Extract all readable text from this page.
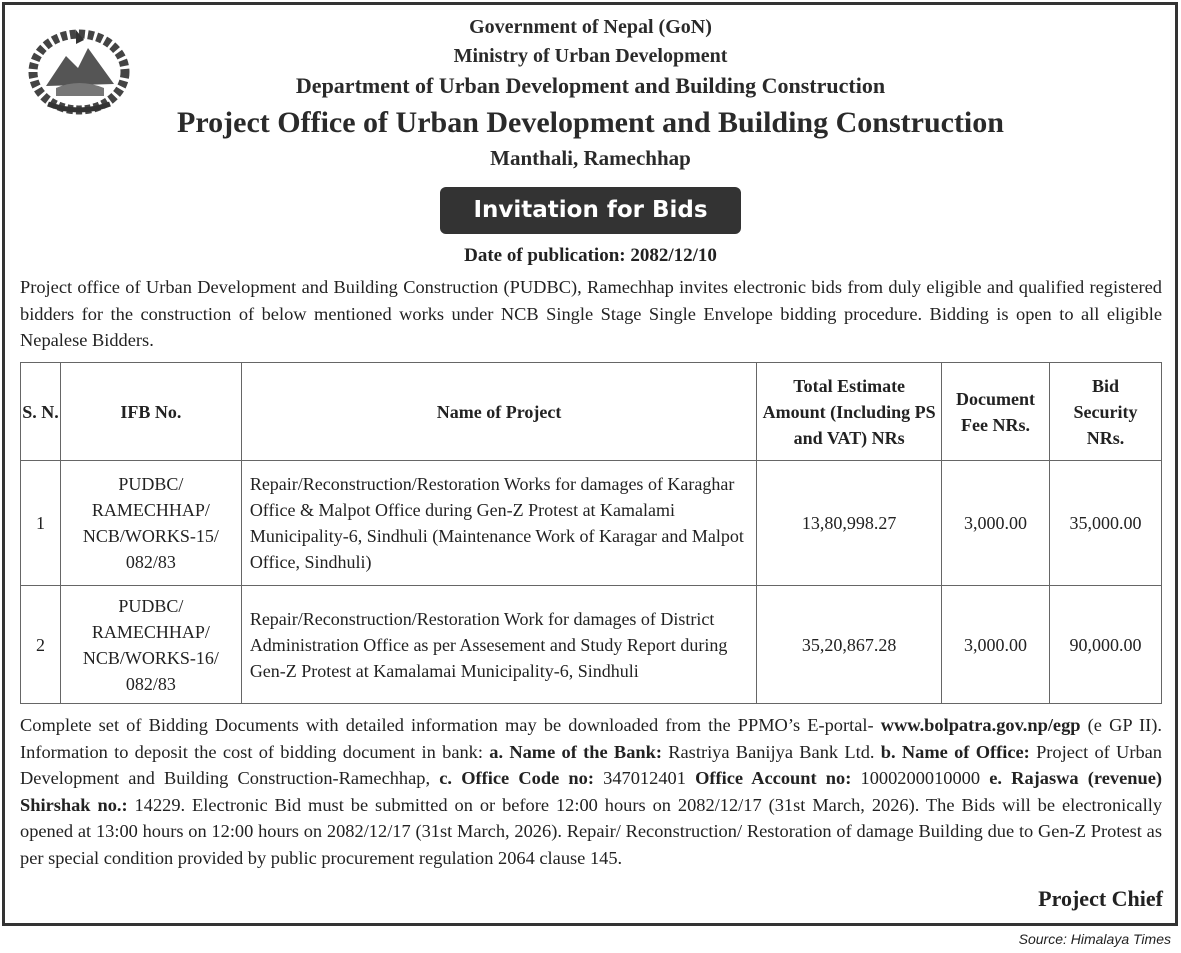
Government of Nepal (GoN)
Ministry of Urban Development
Department of Urban Development and Building Construction
Project Office of Urban Development and Building Construction
Manthali, Ramechhap
Invitation for Bids
Date of publication: 2082/12/10
Project office of Urban Development and Building Construction (PUDBC), Ramechhap invites electronic bids from duly eligible and qualified registered bidders for the construction of below mentioned works under NCB Single Stage Single Envelope bidding procedure. Bidding is open to all eligible Nepalese Bidders.
S. N.	IFB No.	Name of Project	Total Estimate Amount (Including PS and VAT) NRs	Document Fee NRs.	Bid Security NRs.
1	PUDBC/ RAMECHHAP/ NCB/WORKS-15/ 082/83	Repair/Reconstruction/Restoration Works for damages of Karaghar Office & Malpot Office during Gen-Z Protest at Kamalami Municipality-6, Sindhuli (Maintenance Work of Karagar and Malpot Office, Sindhuli)	13,80,998.27	3,000.00	35,000.00
2	PUDBC/ RAMECHHAP/ NCB/WORKS-16/ 082/83	Repair/Reconstruction/Restoration Work for damages of District Administration Office as per Assesement and Study Report during Gen-Z Protest at Kamalamai Municipality-6, Sindhuli	35,20,867.28	3,000.00	90,000.00
Complete set of Bidding Documents with detailed information may be downloaded from the PPMO’s E-portal- www.bolpatra.gov.np/egp (e GP II). Information to deposit the cost of bidding document in bank: a. Name of the Bank: Rastriya Banijya Bank Ltd. b. Name of Office: Project of Urban Development and Building Construction-Ramechhap, c. Office Code no: 347012401 Office Account no: 1000200010000 e. Rajaswa (revenue) Shirshak no.: 14229. Electronic Bid must be submitted on or before 12:00 hours on 2082/12/17 (31st March, 2026). The Bids will be electronically opened at 13:00 hours on 12:00 hours on 2082/12/17 (31st March, 2026). Repair/ Reconstruction/ Restoration of damage Building due to Gen-Z Protest as per special condition provided by public procurement regulation 2064 clause 145.
Project Chief
Source: Himalaya Times
